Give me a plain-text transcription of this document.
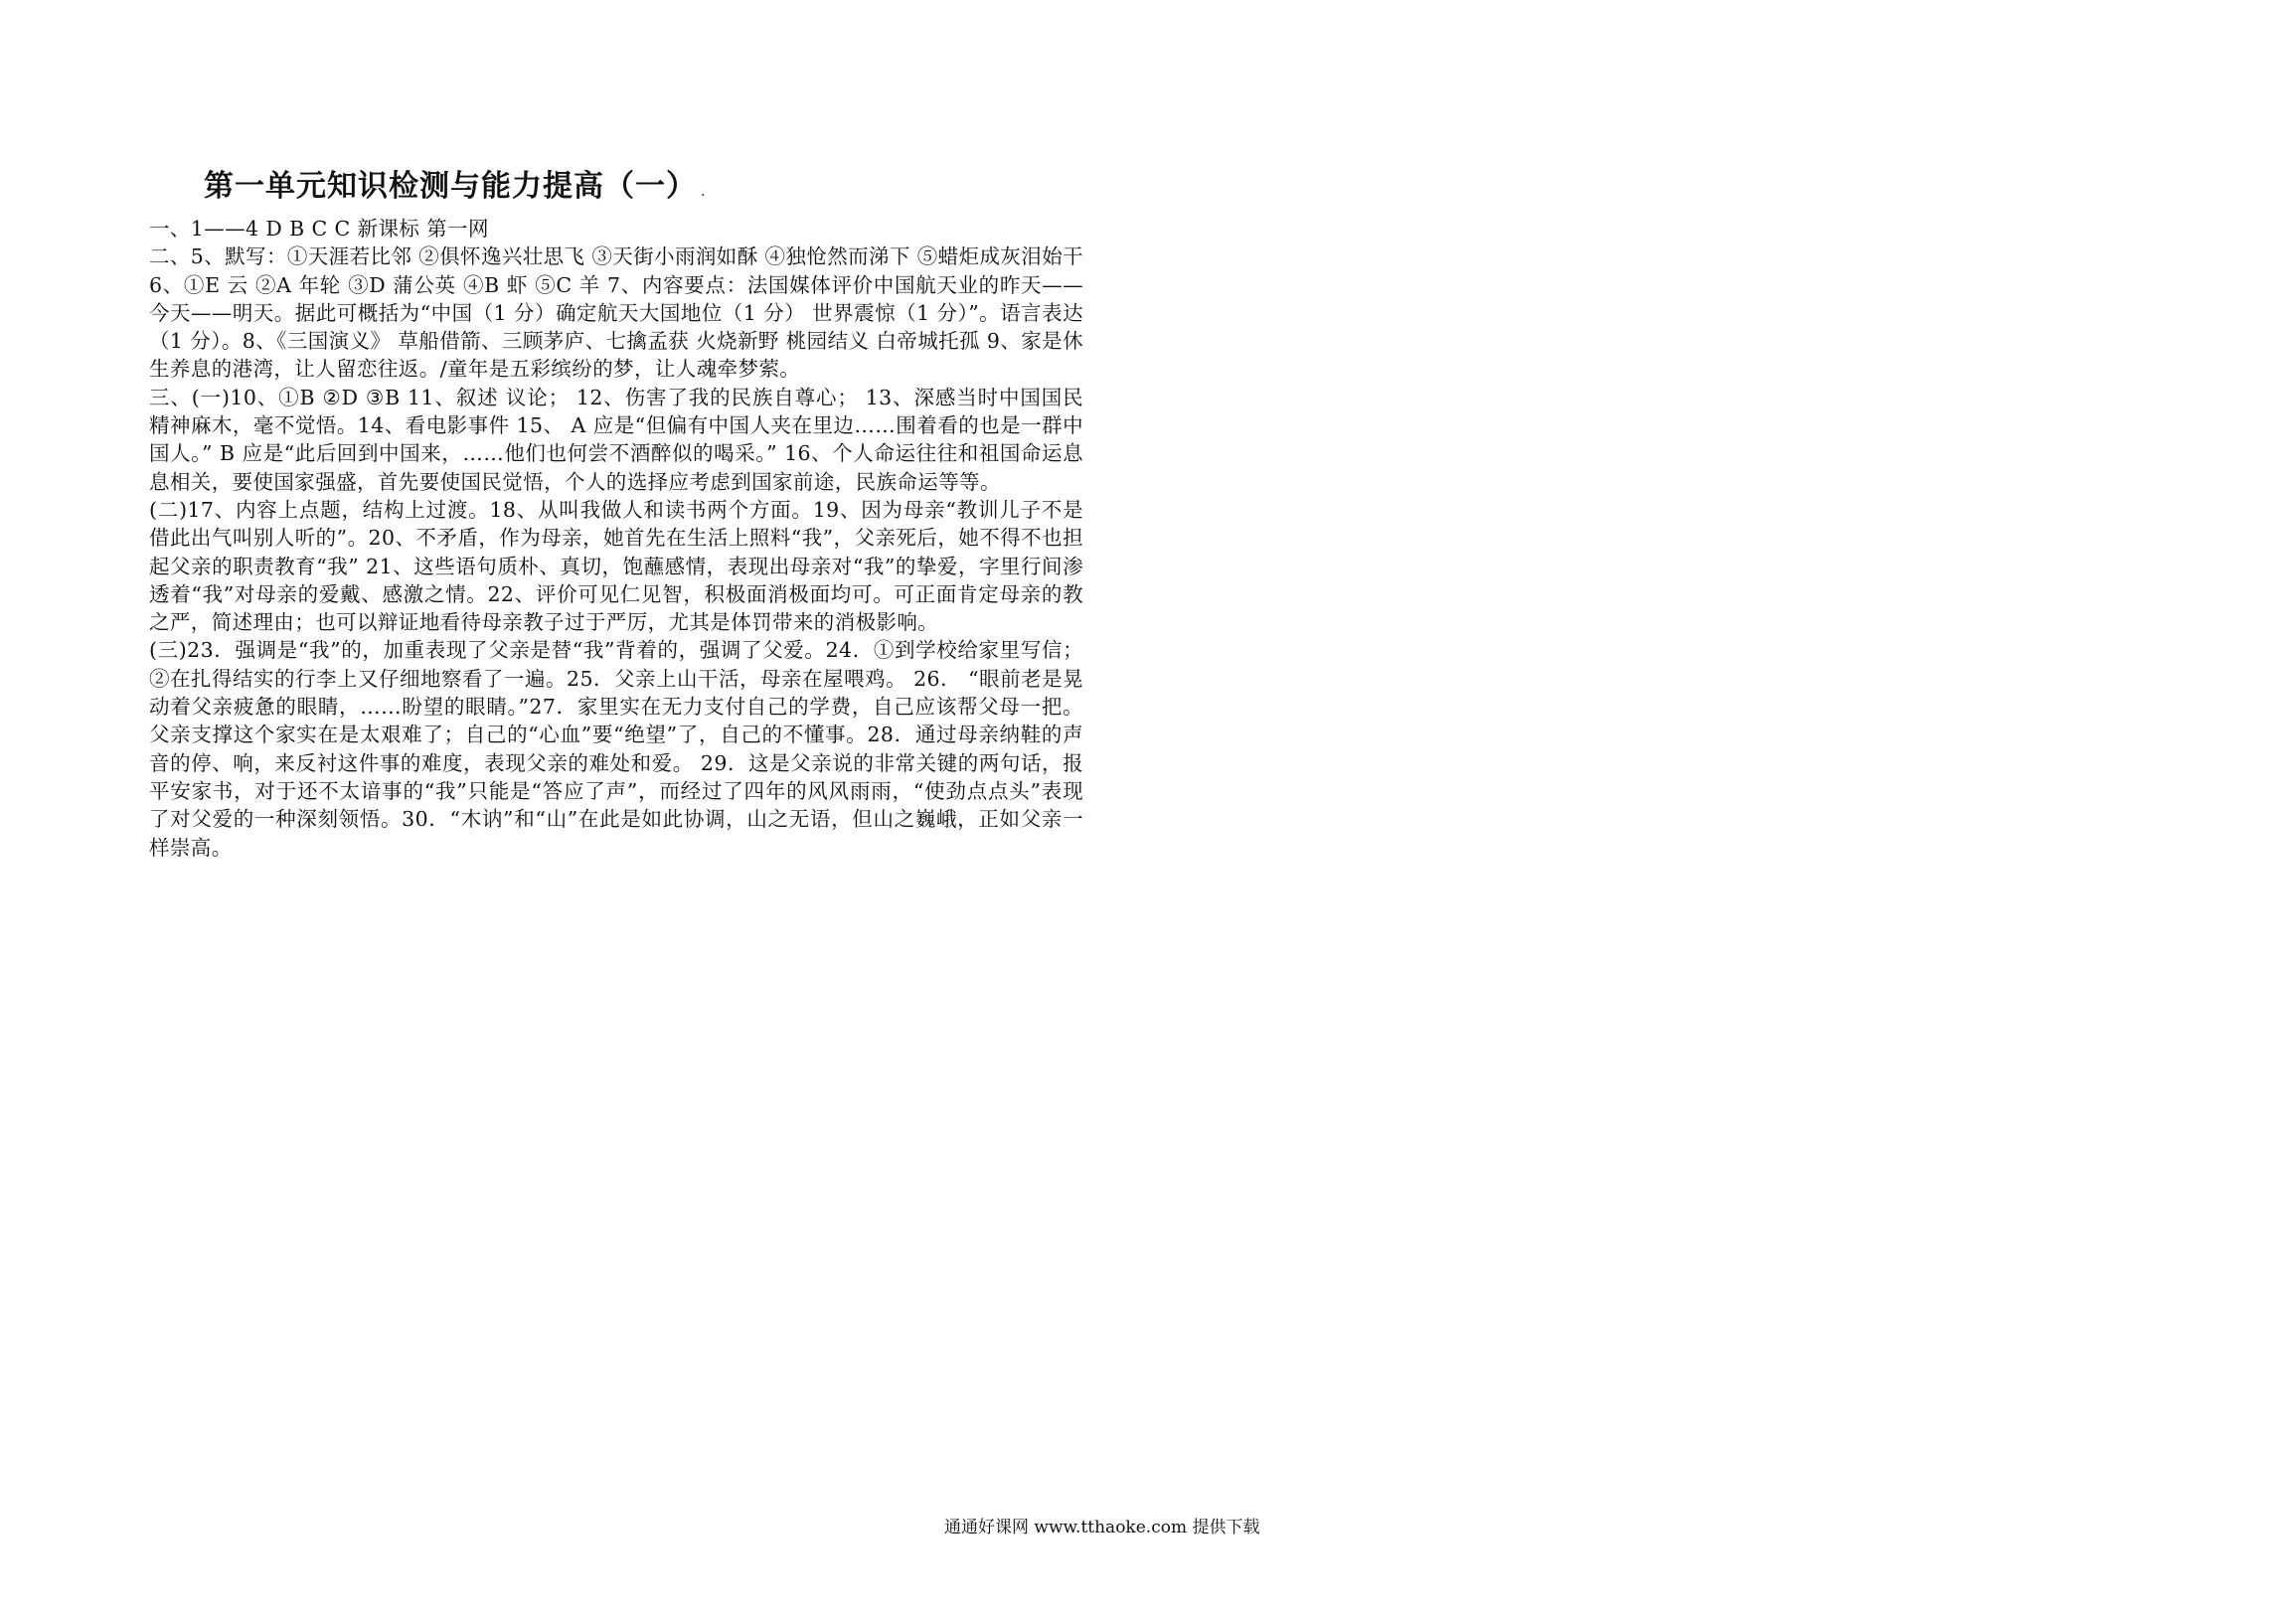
第一单元知识检测与能力提高（一） .

一、1——4 D B C C 新课标 第一网

二、5、默写：①天涯若比邻 ②俱怀逸兴壮思飞 ③天街小雨润如酥 ④独怆然而涕下 ⑤蜡炬成灰泪始干 6、①E 云 ②A 年轮 ③D 蒲公英 ④B 虾 ⑤C 羊 7、内容要点：法国媒体评价中国航天业的昨天——今天——明天。据此可概括为“中国（1 分）确定航天大国地位（1 分） 世界震惊（1 分）”。语言表达（1 分）。8、《三国演义》 草船借箭、三顾茅庐、七擒孟获 火烧新野 桃园结义 白帝城托孤 9、家是休生养息的港湾，让人留恋往返。/童年是五彩缤纷的梦，让人魂牵梦萦。

三、(一)10、①B ②D ③B 11、叙述 议论； 12、伤害了我的民族自尊心； 13、深感当时中国国民精神麻木，毫不觉悟。14、看电影事件 15、 A 应是“但偏有中国人夹在里边……围着看的也是一群中国人。” B 应是“此后回到中国来，……他们也何尝不酒醉似的喝采。” 16、个人命运往往和祖国命运息息相关，要使国家强盛，首先要使国民觉悟，个人的选择应考虑到国家前途，民族命运等等。

(二)17、内容上点题，结构上过渡。18、从叫我做人和读书两个方面。19、因为母亲“教训儿子不是借此出气叫别人听的”。20、不矛盾，作为母亲，她首先在生活上照料“我”，父亲死后，她不得不也担起父亲的职责教育“我” 21、这些语句质朴、真切，饱蘸感情，表现出母亲对“我”的挚爱，字里行间渗透着“我”对母亲的爱戴、感激之情。22、评价可见仁见智，积极面消极面均可。可正面肯定母亲的教之严，简述理由；也可以辩证地看待母亲教子过于严厉，尤其是体罚带来的消极影响。

(三)23．强调是“我”的，加重表现了父亲是替“我”背着的，强调了父爱。24．①到学校给家里写信；②在扎得结实的行李上又仔细地察看了一遍。25．父亲上山干活，母亲在屋喂鸡。 26． “眼前老是晃动着父亲疲惫的眼睛，……盼望的眼睛。”27．家里实在无力支付自己的学费，自己应该帮父母一把。 父亲支撑这个家实在是太艰难了；自己的“心血”要“绝望”了，自己的不懂事。28．通过母亲纳鞋的声音的停、响，来反衬这件事的难度，表现父亲的难处和爱。 29．这是父亲说的非常关键的两句话，报平安家书，对于还不太谙事的“我”只能是“答应了声”，而经过了四年的风风雨雨，“使劲点点头”表现了对父爱的一种深刻领悟。30．“木讷”和“山”在此是如此协调，山之无语，但山之巍峨，正如父亲一样崇高。

通通好课网 www.tthaoke.com 提供下载
